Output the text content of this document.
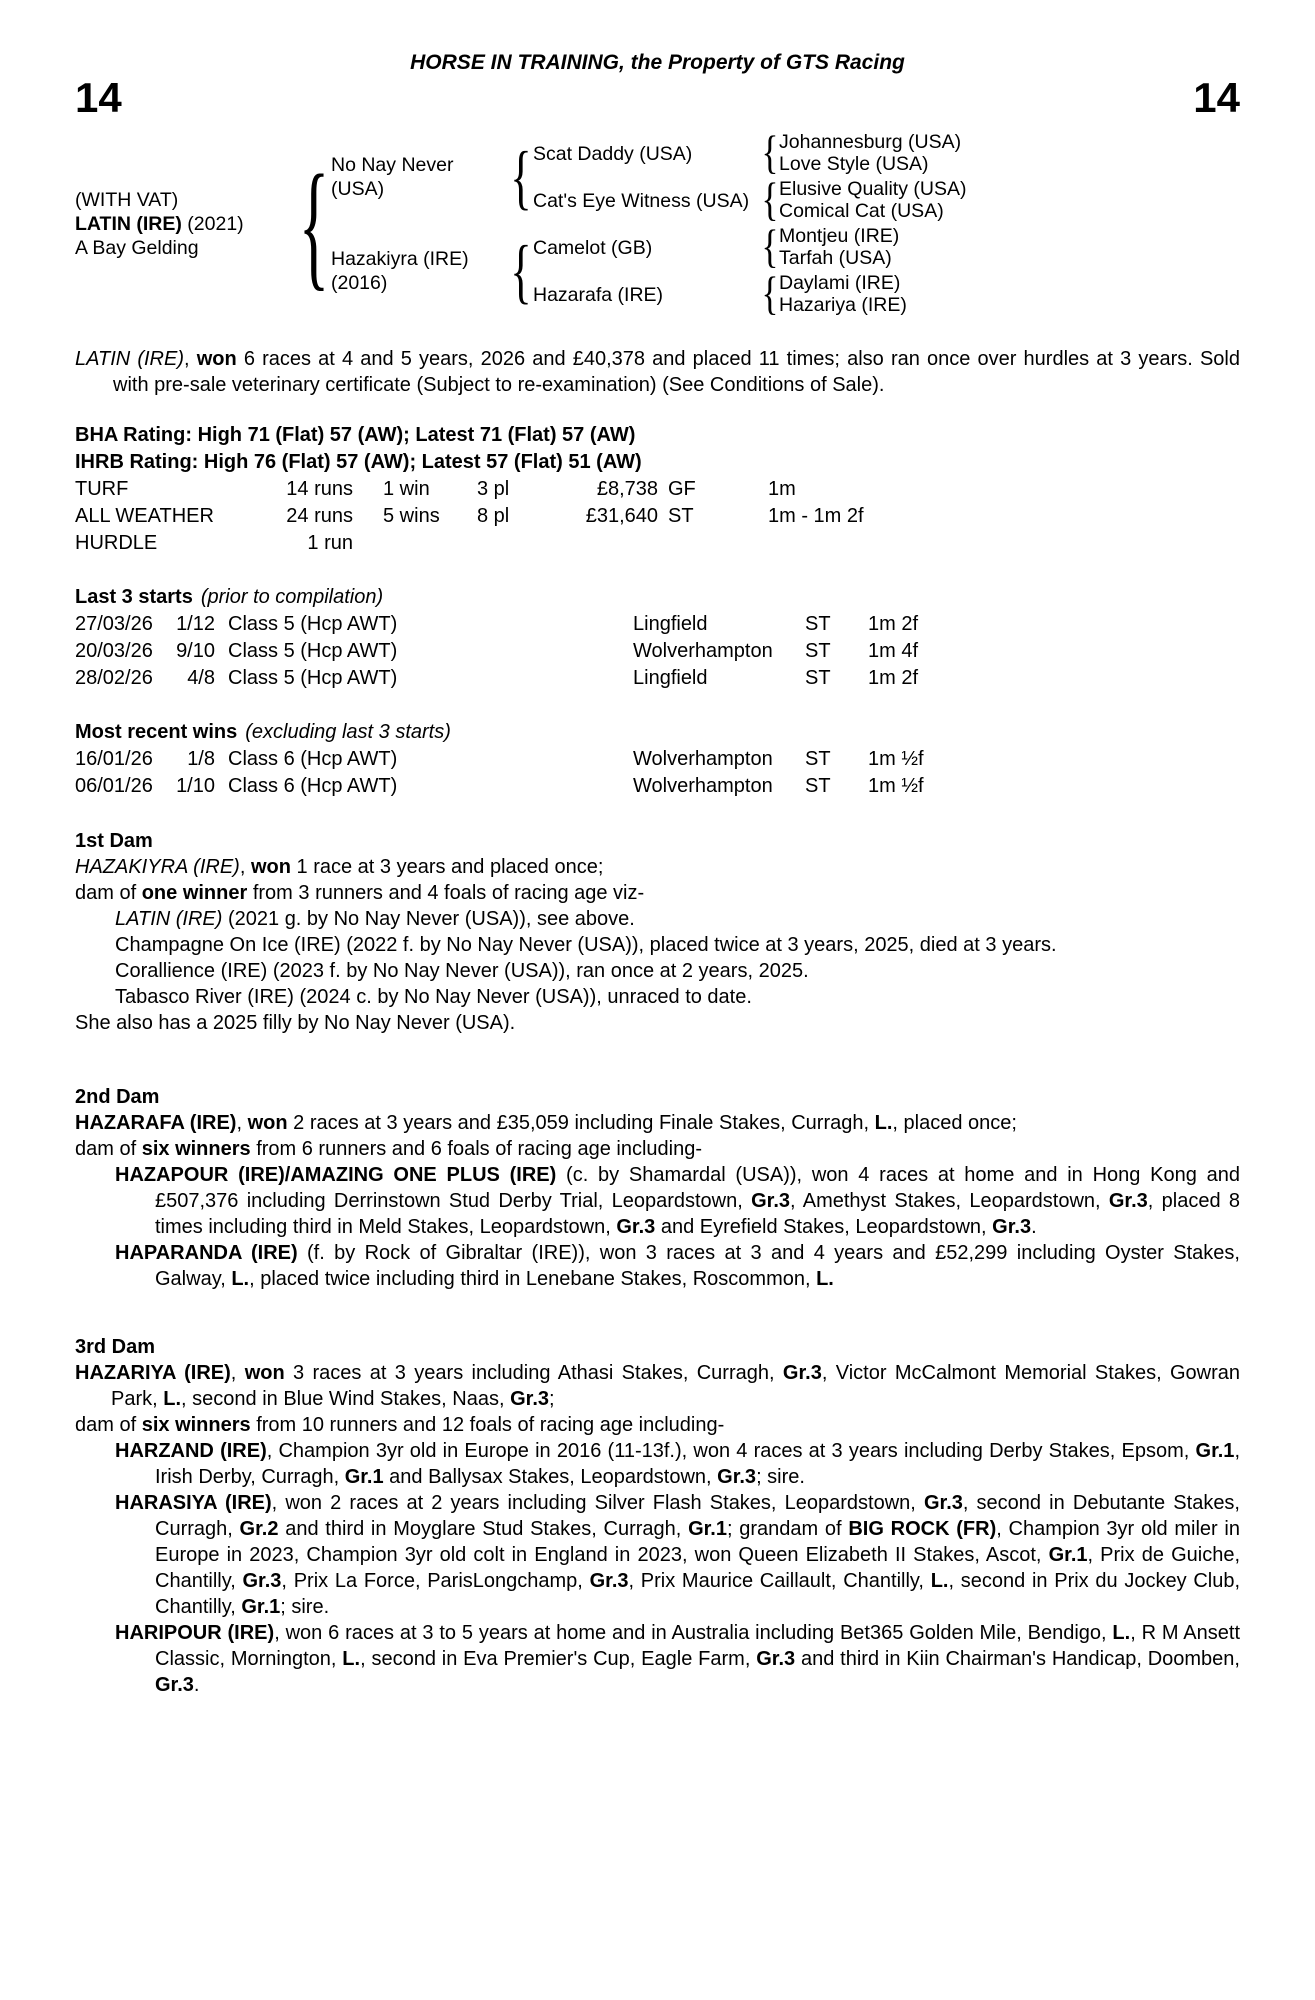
HORSE IN TRAINING, the Property of GTS Racing
14	14
(WITH VAT)
LATIN (IRE) (2021)
A Bay Gelding { No Nay Never (USA)	{ Scat Daddy (USA)	{ Johannesburg (USA)
Love Style (USA)
Cat's Eye Witness (USA) { Elusive Quality (USA)
Comical Cat (USA)
Hazakiyra (IRE)
(2016)	{ Camelot (GB)	{ Montjeu (IRE)
Tarfah (USA)
Hazarafa (IRE)	{ Daylami (IRE)
Hazariya (IRE)
LATIN (IRE), won 6 races at 4 and 5 years, 2026 and £40,378 and placed 11 times; also ran once over hurdles at 3 years. Sold with pre-sale veterinary certificate (Subject to re-examination) (See Conditions of Sale).
BHA Rating: High 71 (Flat) 57 (AW); Latest 71 (Flat) 57 (AW)
IHRB Rating: High 76 (Flat) 57 (AW); Latest 57 (Flat) 51 (AW)
TURF	14 runs	1 win	3 pl	£8,738 GF	1m
ALL WEATHER	24 runs	5 wins	8 pl	£31,640 ST	1m - 1m 2f
HURDLE	1 run
Last 3 starts (prior to compilation)
27/03/26	1/12 Class 5 (Hcp AWT)	Lingfield	ST	1m 2f
20/03/26	9/10 Class 5 (Hcp AWT)	Wolverhampton	ST	1m 4f
28/02/26	4/8 Class 5 (Hcp AWT)	Lingfield	ST	1m 2f
Most recent wins (excluding last 3 starts)
16/01/26	1/8 Class 6 (Hcp AWT)	Wolverhampton	ST	1m ½f
06/01/26	1/10 Class 6 (Hcp AWT)	Wolverhampton	ST	1m ½f
1st Dam
HAZAKIYRA (IRE), won 1 race at 3 years and placed once;
dam of one winner from 3 runners and 4 foals of racing age viz-
LATIN (IRE) (2021 g. by No Nay Never (USA)), see above.
Champagne On Ice (IRE) (2022 f. by No Nay Never (USA)), placed twice at 3 years, 2025, died at 3 years.
Corallience (IRE) (2023 f. by No Nay Never (USA)), ran once at 2 years, 2025.
Tabasco River (IRE) (2024 c. by No Nay Never (USA)), unraced to date.
She also has a 2025 filly by No Nay Never (USA).
2nd Dam
HAZARAFA (IRE), won 2 races at 3 years and £35,059 including Finale Stakes, Curragh, L., placed once;
dam of six winners from 6 runners and 6 foals of racing age including-
HAZAPOUR (IRE)/AMAZING ONE PLUS (IRE) (c. by Shamardal (USA)), won 4 races at home and in Hong Kong and £507,376 including Derrinstown Stud Derby Trial, Leopardstown, Gr.3, Amethyst Stakes, Leopardstown, Gr.3, placed 8 times including third in Meld Stakes, Leopardstown, Gr.3 and Eyrefield Stakes, Leopardstown, Gr.3.
HAPARANDA (IRE) (f. by Rock of Gibraltar (IRE)), won 3 races at 3 and 4 years and £52,299 including Oyster Stakes, Galway, L., placed twice including third in Lenebane Stakes, Roscommon, L.
3rd Dam
HAZARIYA (IRE), won 3 races at 3 years including Athasi Stakes, Curragh, Gr.3, Victor McCalmont Memorial Stakes, Gowran Park, L., second in Blue Wind Stakes, Naas, Gr.3;
dam of six winners from 10 runners and 12 foals of racing age including-
HARZAND (IRE), Champion 3yr old in Europe in 2016 (11-13f.), won 4 races at 3 years including Derby Stakes, Epsom, Gr.1, Irish Derby, Curragh, Gr.1 and Ballysax Stakes, Leopardstown, Gr.3; sire.
HARASIYA (IRE), won 2 races at 2 years including Silver Flash Stakes, Leopardstown, Gr.3, second in Debutante Stakes, Curragh, Gr.2 and third in Moyglare Stud Stakes, Curragh, Gr.1; grandam of BIG ROCK (FR), Champion 3yr old miler in Europe in 2023, Champion 3yr old colt in England in 2023, won Queen Elizabeth II Stakes, Ascot, Gr.1, Prix de Guiche, Chantilly, Gr.3, Prix La Force, ParisLongchamp, Gr.3, Prix Maurice Caillault, Chantilly, L., second in Prix du Jockey Club, Chantilly, Gr.1; sire.
HARIPOUR (IRE), won 6 races at 3 to 5 years at home and in Australia including Bet365 Golden Mile, Bendigo, L., R M Ansett Classic, Mornington, L., second in Eva Premier's Cup, Eagle Farm, Gr.3 and third in Kiin Chairman's Handicap, Doomben, Gr.3.
